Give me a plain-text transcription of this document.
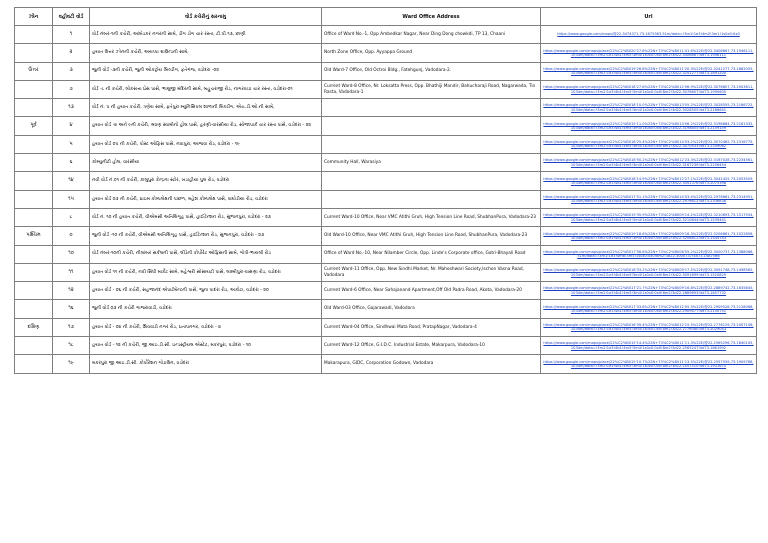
ઝોન	વહીવટી વોર્ડ	વોર્ડ કચેરીનું સરનામુ	Ward Office Address	Url
	૧	વોર્ડ નંબર-૧ની કચેરી, આંબેડકર નગરની સામે, ડીંગ ડોંગ ચાર રસ્તા, ટી.પી.૧૩, છાણી	Office of Ward No.-1, Opp Ambedkar Nagar, Near Ding Dong chowkdi, TP 13, Chaani	https://www.google.com/maps/@22.3474371,73.1675363,51m/data=!3m1!1e3!4m2!3m1!1s0x0:0x0
	૨	હયાત ઉત્તર ઝોનની કચેરી, અયપ્પા ગ્રાઉન્ડની સામે,	North Zone Office, Opp. Ayyappa Ground	https://www.google.com/maps/place/22%C2%B020'27.8%22N+73%C2%B011'41.6%22E/@22.3406667,73.1946111,1034m/data=!3m2!1e3!4b1!4m5!3m4!1s0x0:0x0!8m2!3d22.3406667!4d73.1946111
ઉત્તર	૩	જુની વોર્ડ -૩ની કચેરી, જુની ઓકટ્રોય બિલ્ડીંગ, ફતેગંજ, વડોદરા -૦૨	Old Ward-7 Office, Old Octroi Bldg., Fatehgunj, Vadodara-2.	https://www.google.com/maps/place/22%C2%B019'26.8%22N+73%C2%B011'20.3%22E/@22.3241277,73.1862055,1034m/data=!3m2!1e3!4b1!4m5!3m4!1s0x0:0x0!8m2!3d22.3241277!4d73.1891200
	૭	વોર્ડ -૮ ની કચેરી, લોકસત્તા પ્રેસ પાસે, ભાથુજી મંદિરની સામે, બહુચરાજી રોડ, નાગરવાડા ચાર રસ્તા, વડોદરા-૦૧	Current Ward-8 Office, Nr. Loksatta Press, Opp. Bhathiji Mandir, Bahucharaji Road, Nagarwada, Tin Rasta, Vadodara-1	https://www.google.com/maps/place/22%C2%B018'27.6%22N+73%C2%B012'06.9%22E/@22.3076607,73.2003611,1034m/data=!3m2!1e3!4b1!4m5!3m4!1s0x0:0x0!8m2!3d22.3076607!4d73.1990605
	૧૩	વોર્ડ નં. ૫ ની હયાત કચેરી, ત્રણેય સામે, ફતેપુરા મ્યુનિસિપલ શાળાની બિલ્ડીંગ, એચ.ડી.ઓ.ની સામે,		https://www.google.com/maps/place/22%C2%B018'10.0%22N+73%C2%B013'05.2%22E/@22.3028555,73.2186722,1034m/data=!3m2!1e3!4b1!4m5!3m4!1s0x0:0x0!8m2!3d22.3028555!4d73.2186641
પૂર્વ	૪	હયાત વોર્ડ -૪ અને ૯ની કચેરી, શ્રવણ સ્વામીનો હોલ પાસે, હરણી-વારસીયા રોડ, સ્વેજાપાર્ક ચાર રસ્તા પાસે, વડોદરા - ૨૨		https://www.google.com/maps/place/22%C2%B019'11.0%22N+73%C2%B013'06.2%22E/@22.3198884,73.2181332,1034m/data=!3m2!1e3!4b1!4m5!3m4!1s0x0:0x0!8m2!3d22.3198855!4d73.2159159
	૫	હયાત વોર્ડ ૦૫ ની કચેરી, પોસ્ટ ઓફિસ પાસે, નવાપુરા, આજવા રોડ, વડોદરા - ૧૯		https://www.google.com/maps/place/22%C2%B018'25.4%22N+73%C2%B014'03.2%22E/@22.3070482,73.2316775,1034m/data=!3m2!1e3!4b1!4m5!3m4!1s0x0:0x0!8m2!3d22.3070433!4d73.2339062
	૬	કોમ્યુનીટી હોલ, વારસીયા	Community Hall, Warasiya	https://www.google.com/maps/place/22%C2%B018'50.2%22N+73%C2%B012'23.3%22E/@22.3167028,73.2234561,1034m/data=!3m2!1e3!4b1!4m5!3m4!1s0x0:0x0!8m2!3d22.3167239!4d73.2256454
	૧૪	નવી વોર્ડ નં.૦૧ ની કચેરી, કાલુપુરા કેન્દ્રના સ્ટોર, ખડાહીયા પુલ રોડ, વડોદરા		https://www.google.com/maps/place/22%C2%B018'14.9%22N+73%C2%B012'27.1%22E/@22.3041425,73.2053509,1034m/data=!3m2!1e3!4b1!4m5!3m4!1s0x0:0x0!8m2!3d22.3041376!4d73.2075398
	૧૫	હયાત વોર્ડ ૦૩ ની કચેરી, પ્રાઇમ કોમ્પલેક્ષની પાછળ, મહેશ કોમ્પલેક્ષ પાસે, વાઘોડીયા રોડ, વડોદરા		https://www.google.com/maps/place/22%C2%B017'51.1%22N+73%C2%B014'03.4%22E/@22.2976661,73.2314951,1034m/data=!3m2!1e3!4b1!4m5!3m4!1s0x0:0x0!8m2!3d22.2976612!4d73.2336838
	૮	વોર્ડ નં. ૧૦ ની હયાત કચેરી, વીએમસી અતિથિગૃહ પાસે, હાઈટેન્શન રોડ, સુભાનપુરા, વડોદરા - ૨૩	Current Ward-10 Office, Near VMC Atithi Gruh, High Tension Line Road, ShubhanPura, Vadodara-23	https://www.google.com/maps/place/22%C2%B019'35.9%22N+73%C2%B009'14.2%22E/@22.3210893,73.1517554,1034m/data=!3m2!1e3!4b1!4m5!3m4!1s0x0:0x0!8m2!3d22.3210844!4d73.1539441
પશ્ચિમ	૦	જુની વોર્ડ -૧૦ ની કચેરી, વીએમસી અતિથિગૃહ પાસે, હાઈટેન્શન રોડ, સુભાનપુરા, વડોદરા - ૨૩	Old Ward-10 Office, Near VMC Atithi Gruh, High Tension Line Road, ShubhanPura, Vadodara-23	https://www.google.com/maps/place/22%C2%B019'18.6%22N+73%C2%B009'16.3%22E/@22.3206861,73.1522856,1034m/data=!3m2!1e3!4b1!4m5!3m4!1s0x0:0x0!8m2!3d22.3206812!4d73.1544743
	૧૦	વોર્ડ નંબર-૧૦ની કચેરી, નીલાંબર સર્કલની પાસે, લીંડેની કોર્પોરેટ ઓફિસની સામે, ગોત્રી-ભાયલી રોડ	Office of Ward No.-10, Near Nilamber Circle, Opp. Linde's Corporate office, Gotri-Bhayali Road	https://www.google.com/maps/place/22%C2%B017'56.6%22N+73%C2%B008'55.2%22E/@22.3000737,73.1388068,51m/data=!3m1!1e3!4m6!3m5!1s0x0:0x0!8m2!3d22.3000737!4d73.1487566
	૧૧	હયાત વોર્ડ ૧૧ ની કચેરી, નવી સિંધી માર્કેટ સામે, મહેશ્વરી સોસાયટી પાસે, લક્ષ્મીપુરા-વાસણા રોડ, વડોદરા	Current Ward-11 Office, Opp. New Sindhi Market, Nr. Maheshwari Society,Ischon Vasna Road, Vadodara	https://www.google.com/maps/place/22%C2%B018'33.2%22N+73%C2%B009'17.5%22E/@22.3091748,73.1498562,1034m/data=!3m2!1e3!4b1!4m5!3m4!1s0x0:0x0!8m2!3d22.3091699!4d73.1520829
	૧૨	હયાત વોર્ડ - ૦૬ ની કચેરી, સહજાનંદ એપાર્ટમેન્ટની પાસે, જુના પાદરા રોડ, અકોટા, વડોદરા - ૨૦	Current Ward-6 Office, Near Sahajanand Apartment,Off Old Padra Road, Akota, Vadodara-20	https://www.google.com/maps/place/22%C2%B017'21.7%22N+73%C2%B009'16.8%22E/@22.2889742,73.1635845,1034m/data=!3m2!1e3!4b1!4m5!3m4!1s0x0:0x0!8m2!3d22.2889693!4d73.1657732
	૧૬	જુની વોર્ડ ૦૩ ની કચેરી ગાજરાવાડી, વડોદરા	Old Ward-03 Office, Gajarawadi, Vadodara	https://www.google.com/maps/place/22%C2%B017'33.8%22N+73%C2%B012'05.3%22E/@22.2909526,73.2128068,1034m/data=!3m2!1e3!4b1!4m5!3m4!1s0x0:0x0!8m2!3d22.2909477!4d73.2150751
દક્ષિણ	૧૭	હયાત વોર્ડ - ૦૪ ની કચેરી, શિવવાડી નગર રોડ, પ્રતાપનગર, વડોદરા - ૪	Current Ward-04 Office, Sindhwai Mata Road, PratapNagar, Vadodara-4	https://www.google.com/maps/place/22%C2%B016'39.4%22N+73%C2%B012'15.5%22E/@22.2776129,73.2007156,1034m/data=!3m2!1e3!4b1!4m5!3m4!1s0x0:0x0!8m2!3d22.2776080!4d73.2029043
	૧૮	હયાત વોર્ડ - ૧૨ ની કચેરી, જી.આઇ.ડી.સી. ઇન્ડસ્ટ્રીયલ એસ્ટેટ, મકરપુરા, વડોદરા - ૧૦	Current Ward-12 Office, G.I.D.C. Industrial Estate, Makarpura, Vadodara-10	https://www.google.com/maps/place/22%C2%B015'14.4%22N+73%C2%B011'11.3%22E/@22.2565296,73.1840105,1034m/data=!3m2!1e3!4b1!4m5!3m4!1s0x0:0x0!8m2!3d22.2565247!4d73.1861992
	૧૯	મકરપુરા જી.આઇ.ડી.સી. કોર્પોરેશન ગોડાઉન, વડોદરા	Makarapura, GIDC, Corporation Godown, Vadodara	https://www.google.com/maps/place/22%C2%B015'10.7%22N+73%C2%B011'13.5%22E/@22.2557559,73.1909788,1034m/data=!3m2!1e3!4b1!4m5!3m4!1s0x0:0x0!8m2!3d22.2557510!4d73.1931675
